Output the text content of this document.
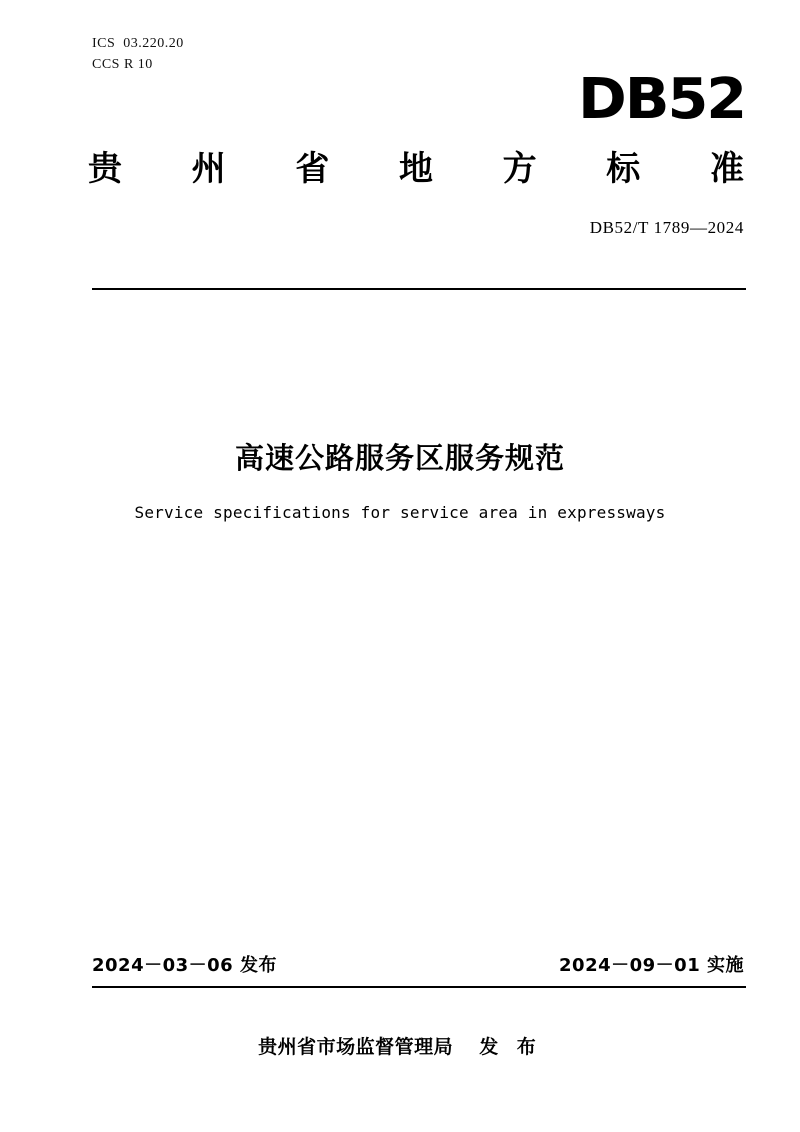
ICS  03.220.20
CCS R 10
DB52
贵 州 省 地 方 标 准
DB52/T 1789—2024
高速公路服务区服务规范
Service specifications for service area in expressways
2024－03－06 发布	2024－09－01 实施
贵州省市场监督管理局 发 布
